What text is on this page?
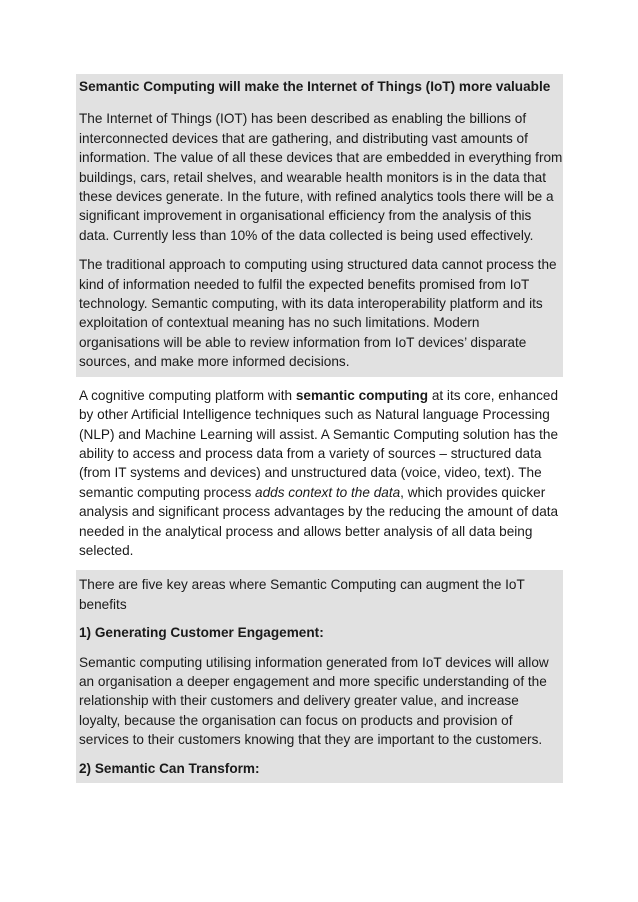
Semantic Computing will make the Internet of Things (IoT) more valuable

The Internet of Things (IOT) has been described as enabling the billions of interconnected devices that are gathering, and distributing vast amounts of information. The value of all these devices that are embedded in everything from buildings, cars, retail shelves, and wearable health monitors is in the data that these devices generate. In the future, with refined analytics tools there will be a significant improvement in organisational efficiency from the analysis of this data. Currently less than 10% of the data collected is being used effectively.

The traditional approach to computing using structured data cannot process the kind of information needed to fulfil the expected benefits promised from IoT technology. Semantic computing, with its data interoperability platform and its exploitation of contextual meaning has no such limitations. Modern organisations will be able to review information from IoT devices’ disparate sources, and make more informed decisions.

A cognitive computing platform with semantic computing at its core, enhanced by other Artificial Intelligence techniques such as Natural language Processing (NLP) and Machine Learning will assist. A Semantic Computing solution has the ability to access and process data from a variety of sources – structured data (from IT systems and devices) and unstructured data (voice, video, text). The semantic computing process adds context to the data, which provides quicker analysis and significant process advantages by the reducing the amount of data needed in the analytical process and allows better analysis of all data being selected.

There are five key areas where Semantic Computing can augment the IoT benefits

1) Generating Customer Engagement:

Semantic computing utilising information generated from IoT devices will allow an organisation a deeper engagement and more specific understanding of the relationship with their customers and delivery greater value, and increase loyalty, because the organisation can focus on products and provision of services to their customers knowing that they are important to the customers.

2) Semantic Can Transform:
